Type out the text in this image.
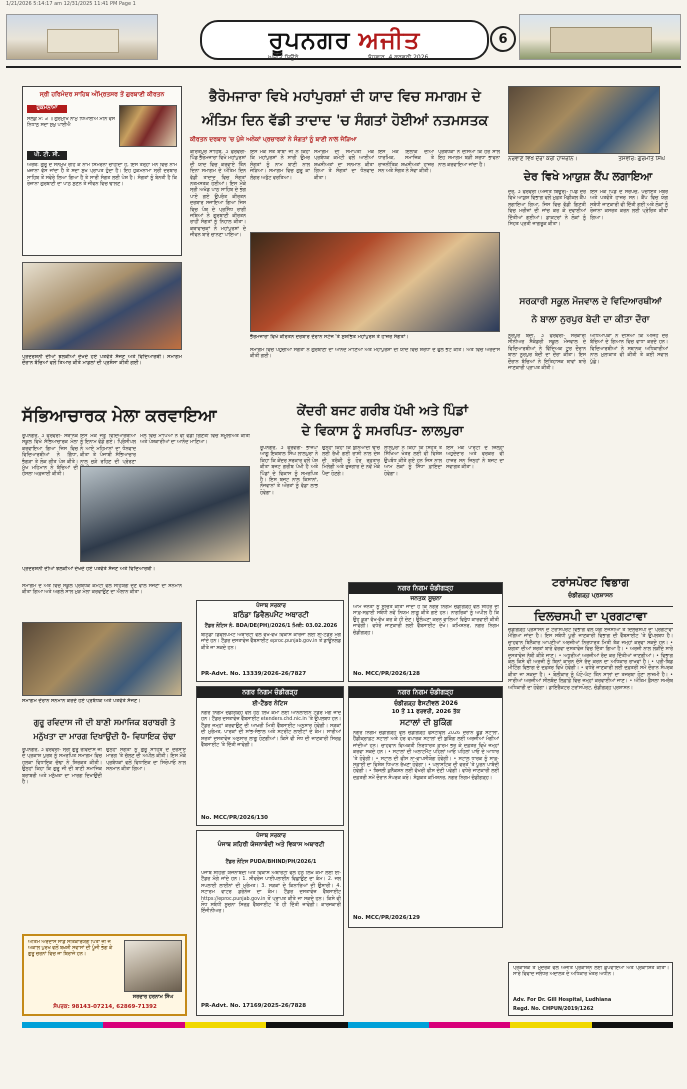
1/21/2026 5:14:17 am 12/31/2025 11:41 PM Page 1
ਰੂਪਨਗਰ ਅਜੀਤ	6
ਅਜੀਤ ਬਿਊਰੋ	ਬੁੱਧਵਾਰ, 4 ਫਰਵਰੀ 2026
ਸ੍ਰੀ ਹਰਿਮੰਦਰ ਸਾਹਿਬ ਅੰਮ੍ਰਿਤਸਰ ਤੋਂ ਗੁਰਬਾਣੀ ਕੀਰਤਨ
ਹੁਕਮਨਾਮਾ
ਸਲੋਕੁ ਮ: ੩ ॥ ਗੁਰਮੁਖਿ ਨਾਮੁ ਧਿਆਈਐ ਮਨਿ ਵਸੈ ਨਿਧਾਨੁ ਸਦਾ ਸੁਖੁ ਪਾਈਐ
ਪੀ. ਟੀ. ਸੀ.
ਅਰਥ: ਗੁਰੂ ਦੇ ਸਨਮੁਖ ਰਹਿ ਕੇ ਨਾਮ ਸਿਮਰਨਾ ਚਾਹੀਦਾ ਹੈ, ਇਸ ਤਰ੍ਹਾਂ ਮਨ ਵਿਚ ਨਾਮ ਖ਼ਜ਼ਾਨਾ ਵੱਸ ਜਾਂਦਾ ਹੈ ਤੇ ਸਦਾ ਸੁਖ ਪ੍ਰਾਪਤ ਹੁੰਦਾ ਹੈ। ਇਹ ਹੁਕਮਨਾਮਾ ਸ੍ਰੀ ਦਰਬਾਰ ਸਾਹਿਬ ਤੋਂ ਸਵੇਰੇ ਲਿਆ ਗਿਆ ਹੈ ਤੇ ਸਾਰੀ ਸੰਗਤ ਲਈ ਪੇਸ਼ ਹੈ। ਸੰਗਤਾਂ ਨੂੰ ਬੇਨਤੀ ਹੈ ਕਿ ਰੋਜ਼ਾਨਾ ਗੁਰਬਾਣੀ ਦਾ ਪਾਠ ਸੁਣਨ ਤੇ ਜੀਵਨ ਵਿਚ ਢਾਲਣ।
ਭੈਰੋਮਜਾਰਾ ਵਿਖੇ ਮਹਾਂਪੁਰਸ਼ਾਂ ਦੀ ਯਾਦ ਵਿਚ ਸਮਾਗਮ ਦੇ
ਅੰਤਿਮ ਦਿਨ ਵੱਡੀ ਤਾਦਾਦ 'ਚ ਸੰਗਤਾਂ ਹੋਈਆਂ ਨਤਮਸਤਕ
ਕੀਰਤਨ ਦਰਬਾਰ 'ਚ ਪੁੱਜੇ ਅਨੇਕਾਂ ਪ੍ਰਚਾਰਕਾਂ ਨੇ ਸੰਗਤਾਂ ਨੂੰ ਬਾਣੀ ਨਾਲ ਜੋੜਿਆ
ਨਰਵਾਣੇ ਵਿਖੇ ਦੌਰਾ ਕਰੀ ਹਾਜ਼ਰੀਨ।	ਤਸਵੀਰ: ਗੁਰਮੀਤ ਸਿੰਘ
ਦੇਰ ਵਿਖੇ ਆਯੁਸ਼ ਕੈਂਪ ਲਗਾਇਆ
ਦੇਰ, 3 ਫਰਵਰੀ (ਅਜੀਤ ਬਿਊਰੋ)- ਪਿੰਡ ਦੇਰ ਵਿਖੇ ਆਯੁਸ਼ ਵਿਭਾਗ ਵਲੋਂ ਮੁਫ਼ਤ ਮੈਡੀਕਲ ਕੈਂਪ ਲਗਾਇਆ ਗਿਆ, ਜਿਸ ਵਿਚ ਵੱਡੀ ਗਿਣਤੀ ਵਿਚ ਮਰੀਜ਼ਾਂ ਦੀ ਜਾਂਚ ਕਰ ਕੇ ਦਵਾਈਆਂ ਦਿੱਤੀਆਂ ਗਈਆਂ। ਡਾਕਟਰਾਂ ਨੇ ਲੋਕਾਂ ਨੂੰ ਸਿਹਤ ਪ੍ਰਤੀ ਜਾਗਰੂਕ ਕੀਤਾ।
ਇਸ ਮੌਕੇ ਪਿੰਡ ਦੇ ਸਰਪੰਚ, ਪੰਚਾਇਤ ਮੈਂਬਰ ਅਤੇ ਪਤਵੰਤੇ ਹਾਜ਼ਰ ਸਨ। ਕੈਂਪ ਵਿਚ ਯੋਗ ਸਬੰਧੀ ਜਾਣਕਾਰੀ ਵੀ ਦਿੱਤੀ ਗਈ ਅਤੇ ਲੋਕਾਂ ਨੂੰ ਰੋਜ਼ਾਨਾ ਕਸਰਤ ਕਰਨ ਲਈ ਪ੍ਰੇਰਿਤ ਕੀਤਾ ਗਿਆ।
ਪ੍ਰਦਰਸ਼ਨੀ ਦੀਆਂ ਝਲਕੀਆਂ ਦੇਖਦੇ ਹੋਏ ਪਤਵੰਤੇ ਸੱਜਣ ਅਤੇ ਵਿਦਿਆਰਥੀ। ਸਮਾਗਮ ਦੌਰਾਨ ਬੱਚਿਆਂ ਵਲੋਂ ਤਿਆਰ ਕੀਤੇ ਮਾਡਲਾਂ ਦੀ ਪ੍ਰਸ਼ੰਸਾ ਕੀਤੀ ਗਈ।
ਕੀਰਤਪੁਰ ਸਾਹਿਬ, 3 ਫਰਵਰੀ- ਪਿੰਡ ਭੈਰੋਮਜਾਰਾ ਵਿਖੇ ਮਹਾਂਪੁਰਸ਼ਾਂ ਦੀ ਯਾਦ ਵਿਚ ਕਰਵਾਏ ਤਿੰਨ ਦਿਨਾ ਸਮਾਗਮ ਦੇ ਅੰਤਿਮ ਦਿਨ ਵੱਡੀ ਤਾਦਾਦ ਵਿਚ ਸੰਗਤਾਂ ਨਤਮਸਤਕ ਹੋਈਆਂ। ਇਸ ਮੌਕੇ ਸ੍ਰੀ ਅਖੰਡ ਪਾਠ ਸਾਹਿਬ ਦੇ ਭੋਗ ਪਾਏ ਗਏ ਉਪਰੰਤ ਕੀਰਤਨ ਦਰਬਾਰ ਸਜਾਇਆ ਗਿਆ ਜਿਸ ਵਿਚ ਪੰਥ ਦੇ ਪ੍ਰਸਿੱਧ ਰਾਗੀ ਜਥਿਆਂ ਨੇ ਗੁਰਬਾਣੀ ਕੀਰਤਨ ਰਾਹੀਂ ਸੰਗਤਾਂ ਨੂੰ ਨਿਹਾਲ ਕੀਤਾ। ਕਥਾਵਾਚਕਾਂ ਨੇ ਮਹਾਂਪੁਰਸ਼ਾਂ ਦੇ ਜੀਵਨ ਬਾਰੇ ਚਾਨਣਾ ਪਾਇਆ।
ਇਸ ਮੌਕੇ ਸੰਤ ਬਾਬਾ ਜੀ ਨੇ ਕਿਹਾ ਕਿ ਮਹਾਂਪੁਰਸ਼ਾਂ ਨੇ ਸਾਰੀ ਉਮਰ ਸੰਗਤਾਂ ਨੂੰ ਨਾਮ ਬਾਣੀ ਨਾਲ ਜੋੜਿਆ। ਸਮਾਗਮ ਵਿਚ ਗੁਰੂ ਕਾ ਲੰਗਰ ਅਤੁੱਟ ਵਰਤਿਆ।
ਸਮਾਗਮ ਦੀ ਸਮਾਪਤੀ ਮੌਕੇ ਪ੍ਰਬੰਧਕ ਕਮੇਟੀ ਵਲੋਂ ਆਈਆਂ ਸ਼ਖ਼ਸੀਅਤਾਂ ਦਾ ਸਨਮਾਨ ਕੀਤਾ ਗਿਆ ਤੇ ਸੰਗਤਾਂ ਦਾ ਧੰਨਵਾਦ ਕੀਤਾ।
ਇਸ ਮੌਕੇ ਇਲਾਕੇ ਦੀਆਂ ਧਾਰਮਿਕ, ਸਮਾਜਿਕ ਤੇ ਰਾਜਨੀਤਿਕ ਸ਼ਖ਼ਸੀਅਤਾਂ ਹਾਜ਼ਰ ਸਨ ਅਤੇ ਸੰਗਤ ਨੇ ਸੇਵਾ ਕੀਤੀ।
ਪ੍ਰਬੰਧਕਾਂ ਨੇ ਦੱਸਿਆ ਕਿ ਹਰ ਸਾਲ ਇਹ ਸਮਾਗਮ ਬੜੀ ਸ਼ਰਧਾ ਭਾਵਨਾ ਨਾਲ ਕਰਵਾਇਆ ਜਾਂਦਾ ਹੈ।
ਭੈਰੋਮਜਾਰਾ ਵਿਖੇ ਕੀਰਤਨ ਦਰਬਾਰ ਦੌਰਾਨ ਸਟੇਜ 'ਤੇ ਸੁਸ਼ੋਭਿਤ ਮਹਾਂਪੁਰਸ਼ ਤੇ ਹਾਜ਼ਰ ਸੰਗਤਾਂ।
ਸਮਾਗਮ ਵਿਚ ਪਹੁੰਚੀਆਂ ਸੰਗਤਾਂ ਨੇ ਗੁਰਬਾਣੀ ਦਾ ਆਨੰਦ ਮਾਣਿਆ ਅਤੇ ਮਹਾਂਪੁਰਸ਼ਾਂ ਦੀ ਯਾਦ ਵਿਚ ਸ਼ਰਧਾ ਦੇ ਫੁੱਲ ਭੇਟ ਕੀਤੇ। ਅੰਤ ਵਿਚ ਅਰਦਾਸ ਕੀਤੀ ਗਈ।
ਸਰਕਾਰੀ ਸਕੂਲ ਮੌਜਵਾਲ ਦੇ ਵਿਦਿਆਰਥੀਆਂ
ਨੇ ਬਾਲਾ ਨੁਰਪੁਰ ਬੇਦੀ ਦਾ ਕੀਤਾ ਦੌਰਾ
ਨੂਰਪੁਰ ਬੇਦੀ, 3 ਫਰਵਰੀ- ਸਰਕਾਰੀ ਸੀਨੀਅਰ ਸੈਕੰਡਰੀ ਸਕੂਲ ਮੌਜਵਾਲ ਦੇ ਵਿਦਿਆਰਥੀਆਂ ਨੇ ਵਿੱਦਿਅਕ ਟੂਰ ਦੌਰਾਨ ਬਾਲਾ ਨੂਰਪੁਰ ਬੇਦੀ ਦਾ ਦੌਰਾ ਕੀਤਾ। ਇਸ ਦੌਰਾਨ ਬੱਚਿਆਂ ਨੇ ਇਤਿਹਾਸਕ ਥਾਵਾਂ ਬਾਰੇ ਜਾਣਕਾਰੀ ਪ੍ਰਾਪਤ ਕੀਤੀ।
ਅਧਿਆਪਕਾਂ ਨੇ ਦੱਸਿਆ ਕਿ ਅਜਿਹੇ ਦੌਰੇ ਬੱਚਿਆਂ ਦੇ ਗਿਆਨ ਵਿਚ ਵਾਧਾ ਕਰਦੇ ਹਨ। ਵਿਦਿਆਰਥੀਆਂ ਨੇ ਸਥਾਨਕ ਅਧਿਕਾਰੀਆਂ ਨਾਲ ਮੁਲਾਕਾਤ ਵੀ ਕੀਤੀ ਤੇ ਕਈ ਸਵਾਲ ਪੁੱਛੇ।
ਸੱਭਿਆਚਾਰਕ ਮੇਲਾ ਕਰਵਾਇਆ
ਰੂਪਨਗਰ, 3 ਫਰਵਰੀ- ਸਥਾਨਕ ਸਕੂਲ ਵਿਖੇ ਸੱਭਿਆਚਾਰਕ ਮੇਲਾ ਕਰਵਾਇਆ ਗਿਆ ਜਿਸ ਵਿਚ ਵਿਦਿਆਰਥੀਆਂ ਨੇ ਗਿੱਧਾ, ਭੰਗੜਾ ਤੇ ਲੋਕ ਗੀਤ ਪੇਸ਼ ਕੀਤੇ। ਮੁੱਖ ਮਹਿਮਾਨ ਨੇ ਬੱਚਿਆਂ ਦੀ ਹੌਸਲਾ ਅਫ਼ਜ਼ਾਈ ਕੀਤੀ।
ਇਸ ਮੌਕੇ ਜੇਤੂ ਵਿਦਿਆਰਥੀਆਂ ਨੂੰ ਇਨਾਮ ਵੰਡੇ ਗਏ। ਪ੍ਰਿੰਸੀਪਲ ਨੇ ਆਏ ਮਹਿਮਾਨਾਂ ਦਾ ਧੰਨਵਾਦ ਕੀਤਾ ਤੇ ਪੰਜਾਬੀ ਸੱਭਿਆਚਾਰ ਨਾਲ ਜੁੜੇ ਰਹਿਣ ਦੀ ਪ੍ਰੇਰਣਾ
ਮੇਲੇ ਵਿਚ ਮਾਪਿਆਂ ਨੇ ਵੀ ਵੱਡੀ ਗਿਣਤੀ ਵਿਚ ਸ਼ਮੂਲੀਅਤ ਕੀਤੀ ਅਤੇ ਪੇਸ਼ਕਾਰੀਆਂ ਦਾ ਆਨੰਦ ਮਾਣਿਆ।
ਪ੍ਰਦਰਸ਼ਨੀ ਦੀਆਂ ਝਲਕੀਆਂ ਦੇਖਦੇ ਹੋਏ ਪਤਵੰਤੇ ਸੱਜਣ ਅਤੇ ਵਿਦਿਆਰਥੀ।
ਸਮਾਗਮ ਦੇ ਅੰਤ ਵਿਚ ਸਕੂਲ ਪ੍ਰਬੰਧਕ ਕਮੇਟੀ ਵਲੋਂ ਸਹਿਯੋਗ ਦੇਣ ਵਾਲੇ ਸੱਜਣਾਂ ਦਾ ਸਨਮਾਨ ਕੀਤਾ ਗਿਆ ਅਤੇ ਅਗਲੇ ਸਾਲ ਮੁੜ ਮੇਲਾ ਕਰਵਾਉਣ ਦਾ ਐਲਾਨ ਕੀਤਾ।
ਸਮਾਗਮ ਦੌਰਾਨ ਸਨਮਾਨ ਕਰਦੇ ਹੋਏ ਪ੍ਰਬੰਧਕ ਅਤੇ ਪਤਵੰਤੇ ਸੱਜਣ।
ਕੇਂਦਰੀ ਬਜਟ ਗਰੀਬ ਪੱਖੀ ਅਤੇ ਪਿੰਡਾਂ
ਦੇ ਵਿਕਾਸ ਨੂੰ ਸਮਰਪਿਤ- ਲਾਲਪੁਰਾ
ਰੂਪਨਗਰ, 3 ਫਰਵਰੀ- ਭਾਜਪਾ ਆਗੂ ਇਕਬਾਲ ਸਿੰਘ ਲਾਲਪੁਰਾ ਨੇ ਕਿਹਾ ਕਿ ਕੇਂਦਰ ਸਰਕਾਰ ਵਲੋਂ ਪੇਸ਼ ਕੀਤਾ ਬਜਟ ਗਰੀਬ ਪੱਖੀ ਹੈ ਅਤੇ ਪਿੰਡਾਂ ਦੇ ਵਿਕਾਸ ਨੂੰ ਸਮਰਪਿਤ ਹੈ। ਇਸ ਬਜਟ ਨਾਲ ਕਿਸਾਨਾਂ, ਨੌਜਵਾਨਾਂ ਤੇ ਔਰਤਾਂ ਨੂੰ ਵੱਡਾ ਲਾਭ ਹੋਵੇਗਾ।
ਉਨ੍ਹਾਂ ਕਿਹਾ ਕਿ ਬੁਨਿਆਦੀ ਢਾਂਚੇ ਲਈ ਰੱਖੀ ਗਈ ਰਾਸ਼ੀ ਨਾਲ ਦੇਸ਼ ਦੀ ਤਰੱਕੀ ਨੂੰ ਹੋਰ ਰਫ਼ਤਾਰ ਮਿਲੇਗੀ ਅਤੇ ਰੁਜ਼ਗਾਰ ਦੇ ਨਵੇਂ ਮੌਕੇ ਪੈਦਾ ਹੋਣਗੇ।
ਲਾਲਪੁਰਾ ਨੇ ਕਿਹਾ ਕਿ ਸਿਹਤ ਤੇ ਸਿੱਖਿਆ ਖੇਤਰ ਲਈ ਵੀ ਵਿਸ਼ੇਸ਼ ਉਪਬੰਧ ਕੀਤੇ ਗਏ ਹਨ ਜਿਸ ਨਾਲ ਆਮ ਲੋਕਾਂ ਨੂੰ ਸਿੱਧਾ ਫ਼ਾਇਦਾ ਹੋਵੇਗਾ।
ਇਸ ਮੌਕੇ ਪਾਰਟੀ ਦੇ ਜ਼ਿਲ੍ਹਾ ਅਹੁਦੇਦਾਰ ਅਤੇ ਵਰਕਰ ਵੀ ਹਾਜ਼ਰ ਸਨ ਜਿਨ੍ਹਾਂ ਨੇ ਬਜਟ ਦਾ ਸਵਾਗਤ ਕੀਤਾ।
ਟਰਾਂਸਪੋਰਟ ਵਿਭਾਗ
ਚੰਡੀਗੜ੍ਹ ਪ੍ਰਸ਼ਾਸਨ
ਦਿਲਚਸਪੀ ਦਾ ਪ੍ਰਗਟਾਵਾ
ਚੰਡੀਗੜ੍ਹ ਪ੍ਰਸ਼ਾਸਨ ਦੇ ਟਰਾਂਸਪੋਰਟ ਵਿਭਾਗ ਵਲੋਂ ਯੋਗ ਏਜੰਸੀਆਂ ਤੋਂ ਦਿਲਚਸਪੀ ਦਾ ਪ੍ਰਗਟਾਵਾ ਮੰਗਿਆ ਜਾਂਦਾ ਹੈ। ਇਸ ਸਬੰਧੀ ਪੂਰੀ ਜਾਣਕਾਰੀ ਵਿਭਾਗ ਦੀ ਵੈੱਬਸਾਈਟ 'ਤੇ ਉਪਲਬਧ ਹੈ। ਚਾਹਵਾਨ ਬਿਨੈਕਾਰ ਆਪਣੀਆਂ ਅਰਜ਼ੀਆਂ ਨਿਰਧਾਰਤ ਮਿਤੀ ਤੱਕ ਜਮ੍ਹਾਂ ਕਰਵਾ ਸਕਦੇ ਹਨ। • ਯੋਗਤਾ ਦੀਆਂ ਸ਼ਰਤਾਂ ਬਾਰੇ ਵੇਰਵਾ ਦਸਤਾਵੇਜ਼ ਵਿਚ ਦਿੱਤਾ ਗਿਆ ਹੈ। • ਅਰਜ਼ੀ ਨਾਲ ਲੋੜੀਂਦੇ ਸਾਰੇ ਦਸਤਾਵੇਜ਼ ਨੱਥੀ ਕੀਤੇ ਜਾਣ। • ਅਧੂਰੀਆਂ ਅਰਜ਼ੀਆਂ ਰੱਦ ਕਰ ਦਿੱਤੀਆਂ ਜਾਣਗੀਆਂ। • ਵਿਭਾਗ ਕੋਲ ਕਿਸੇ ਵੀ ਅਰਜ਼ੀ ਨੂੰ ਬਿਨਾਂ ਕਾਰਨ ਦੱਸੇ ਰੱਦ ਕਰਨ ਦਾ ਅਧਿਕਾਰ ਰਾਖਵਾਂ ਹੈ। • ਪ੍ਰੀ-ਬਿਡ ਮੀਟਿੰਗ ਵਿਭਾਗ ਦੇ ਦਫ਼ਤਰ ਵਿਖੇ ਹੋਵੇਗੀ। • ਵਧੇਰੇ ਜਾਣਕਾਰੀ ਲਈ ਦਫ਼ਤਰੀ ਸਮੇਂ ਦੌਰਾਨ ਸੰਪਰਕ ਕੀਤਾ ਜਾ ਸਕਦਾ ਹੈ। • ਬੋਲੀਕਾਰ ਨੂੰ ਘੱਟੋ-ਘੱਟ ਤਿੰਨ ਸਾਲਾਂ ਦਾ ਤਜਰਬਾ ਹੋਣਾ ਲਾਜ਼ਮੀ ਹੈ। • ਸਾਰੀਆਂ ਅਰਜ਼ੀਆਂ ਸੀਲਬੰਦ ਲਿਫ਼ਾਫ਼ੇ ਵਿਚ ਜਮ੍ਹਾਂ ਕਰਵਾਈਆਂ ਜਾਣ। • ਅੰਤਿਮ ਫ਼ੈਸਲਾ ਸਮਰੱਥ ਅਧਿਕਾਰੀ ਦਾ ਹੋਵੇਗਾ। ਡਾਇਰੈਕਟਰ ਟਰਾਂਸਪੋਰਟ, ਚੰਡੀਗੜ੍ਹ ਪ੍ਰਸ਼ਾਸਨ।
ਗੁਰੂ ਰਵਿਦਾਸ ਜੀ ਦੀ ਬਾਣੀ ਸਮਾਜਿਕ ਬਰਾਬਰੀ ਤੇ
ਮਨੁੱਖਤਾ ਦਾ ਮਾਰਗ ਦਿਖਾਉਂਦੀ ਹੈ- ਵਿਧਾਇਕ ਚੱਢਾ
ਰੂਪਨਗਰ, 3 ਫਰਵਰੀ- ਸ੍ਰੀ ਗੁਰੂ ਰਵਿਦਾਸ ਜੀ ਦੇ ਪ੍ਰਕਾਸ਼ ਪੁਰਬ ਨੂੰ ਸਮਰਪਿਤ ਸਮਾਗਮ ਵਿਚ ਹਲਕਾ ਵਿਧਾਇਕ ਚੱਢਾ ਨੇ ਸ਼ਿਰਕਤ ਕੀਤੀ। ਉਨ੍ਹਾਂ ਕਿਹਾ ਕਿ ਗੁਰੂ ਜੀ ਦੀ ਬਾਣੀ ਸਮਾਜਿਕ ਬਰਾਬਰੀ ਅਤੇ ਮਨੁੱਖਤਾ ਦਾ ਮਾਰਗ ਦਿਖਾਉਂਦੀ ਹੈ।
ਉਨ੍ਹਾਂ ਸੰਗਤਾਂ ਨੂੰ ਗੁਰੂ ਸਾਹਿਬ ਦੇ ਦਰਸਾਏ ਮਾਰਗ 'ਤੇ ਚੱਲਣ ਦੀ ਅਪੀਲ ਕੀਤੀ। ਇਸ ਮੌਕੇ ਪ੍ਰਬੰਧਕਾਂ ਵਲੋਂ ਵਿਧਾਇਕ ਦਾ ਸਿਰੋਪਾਓ ਨਾਲ ਸਨਮਾਨ ਕੀਤਾ ਗਿਆ।
ਅੰਤਿਮ ਅਰਦਾਸ ਸਾਡੇ ਸਤਿਕਾਰਯੋਗ ਪਿਤਾ ਜੀ ਜੋ ਅਕਾਲ ਪੁਰਖ ਵਲੋਂ ਬਖ਼ਸ਼ੀ ਸਵਾਸਾਂ ਦੀ ਪੂੰਜੀ ਭੋਗ ਕੇ ਗੁਰੂ ਚਰਨਾਂ ਵਿਚ ਜਾ ਬਿਰਾਜੇ ਹਨ।
ਸਰਦਾਰ ਹਰਨਾਮ ਸਿੰਘ
ਸੰਪਰਕ: 98143-07214, 62869-71392
ਪੰਜਾਬ ਸਰਕਾਰ
ਬਠਿੰਡਾ ਡਿਵੈਲਪਮੈਂਟ ਅਥਾਰਟੀ
ਟੈਂਡਰ ਨੋਟਿਸ ਨੰ. BDA/DE(PH)/2026/1 ਮਿਤੀ: 03.02.2026
ਬਠਿੰਡਾ ਡਿਵੈਲਪਮੈਂਟ ਅਥਾਰਟੀ ਵਲੋਂ ਵੱਖ-ਵੱਖ ਵਿਕਾਸ ਕਾਰਜਾਂ ਲਈ ਈ-ਟੈਂਡਰ ਮੰਗੇ ਜਾਂਦੇ ਹਨ। ਟੈਂਡਰ ਦਸਤਾਵੇਜ਼ ਵੈੱਬਸਾਈਟ eproc.punjab.gov.in ਤੋਂ ਡਾਊਨਲੋਡ ਕੀਤੇ ਜਾ ਸਕਦੇ ਹਨ।
PR-Advt. No. 13339/2026-26/7827
ਨਗਰ ਨਿਗਮ ਚੰਡੀਗੜ੍ਹ
ਜਨਤਕ ਸੂਚਨਾ
ਆਮ ਜਨਤਾ ਨੂੰ ਸੂਚਿਤ ਕੀਤਾ ਜਾਂਦਾ ਹੈ ਕਿ ਨਗਰ ਨਿਗਮ ਚੰਡੀਗੜ੍ਹ ਵਲੋਂ ਸ਼ਹਿਰ ਦੀ ਸਾਫ਼-ਸਫ਼ਾਈ ਸਬੰਧੀ ਨਵੇਂ ਨਿਯਮ ਲਾਗੂ ਕੀਤੇ ਗਏ ਹਨ। ਨਾਗਰਿਕਾਂ ਨੂੰ ਅਪੀਲ ਹੈ ਕਿ ਉਹ ਕੂੜਾ ਵੱਖ-ਵੱਖ ਕਰ ਕੇ ਹੀ ਦੇਣ। ਉਲੰਘਣਾ ਕਰਨ ਵਾਲਿਆਂ ਵਿਰੁੱਧ ਕਾਰਵਾਈ ਕੀਤੀ ਜਾਵੇਗੀ। ਵਧੇਰੇ ਜਾਣਕਾਰੀ ਲਈ ਵੈੱਬਸਾਈਟ ਦੇਖੋ। ਕਮਿਸ਼ਨਰ, ਨਗਰ ਨਿਗਮ ਚੰਡੀਗੜ੍ਹ।
No. MCC/PR/2026/128
ਨਗਰ ਨਿਗਮ ਚੰਡੀਗੜ੍ਹ
ਈ-ਟੈਂਡਰ ਨੋਟਿਸ
ਨਗਰ ਨਿਗਮ ਚੰਡੀਗੜ੍ਹ ਵਲੋਂ ਹੇਠ ਲਿਖੇ ਕੰਮਾਂ ਲਈ ਆਨਲਾਈਨ ਟੈਂਡਰ ਮੰਗੇ ਜਾਂਦੇ ਹਨ। ਟੈਂਡਰ ਦਸਤਾਵੇਜ਼ ਵੈੱਬਸਾਈਟ etenders.chd.nic.in 'ਤੇ ਉਪਲਬਧ ਹਨ। ਟੈਂਡਰ ਜਮ੍ਹਾਂ ਕਰਵਾਉਣ ਦੀ ਆਖ਼ਰੀ ਮਿਤੀ ਵੈੱਬਸਾਈਟ ਅਨੁਸਾਰ ਹੋਵੇਗੀ। ਸੜਕਾਂ ਦੀ ਮੁਰੰਮਤ, ਪਾਰਕਾਂ ਦੀ ਸਾਂਭ-ਸੰਭਾਲ ਅਤੇ ਸਟਰੀਟ ਲਾਈਟਾਂ ਦੇ ਕੰਮ। ਸਾਰੀਆਂ ਸ਼ਰਤਾਂ ਦਸਤਾਵੇਜ਼ ਅਨੁਸਾਰ ਲਾਗੂ ਹੋਣਗੀਆਂ। ਕਿਸੇ ਵੀ ਸੋਧ ਦੀ ਜਾਣਕਾਰੀ ਸਿਰਫ਼ ਵੈੱਬਸਾਈਟ 'ਤੇ ਦਿੱਤੀ ਜਾਵੇਗੀ।
No. MCC/PR/2026/130
ਨਗਰ ਨਿਗਮ ਚੰਡੀਗੜ੍ਹ
ਚੰਡੀਗੜ੍ਹ ਫੈਸਟੀਵਲ 2026
10 ਤੋਂ 11 ਫਰਵਰੀ, 2026 ਤੱਕ
ਸਟਾਲਾਂ ਦੀ ਬੁਕਿੰਗ
ਨਗਰ ਨਿਗਮ ਚੰਡੀਗੜ੍ਹ ਵਲੋਂ ਚੰਡੀਗੜ੍ਹ ਫੈਸਟੀਵਲ 2026 ਦੌਰਾਨ ਫੂਡ ਸਟਾਲਾਂ, ਹੈਂਡੀਕ੍ਰਾਫ਼ਟ ਸਟਾਲਾਂ ਅਤੇ ਹੋਰ ਵਪਾਰਕ ਸਟਾਲਾਂ ਦੀ ਬੁਕਿੰਗ ਲਈ ਅਰਜ਼ੀਆਂ ਮੰਗੀਆਂ ਜਾਂਦੀਆਂ ਹਨ। ਚਾਹਵਾਨ ਵਿਅਕਤੀ ਨਿਰਧਾਰਤ ਫ਼ਾਰਮ ਭਰ ਕੇ ਦਫ਼ਤਰ ਵਿਖੇ ਜਮ੍ਹਾਂ ਕਰਵਾ ਸਕਦੇ ਹਨ। • ਸਟਾਲਾਂ ਦੀ ਅਲਾਟਮੈਂਟ ਪਹਿਲਾਂ ਆਓ ਪਹਿਲਾਂ ਪਾਓ ਦੇ ਆਧਾਰ 'ਤੇ ਹੋਵੇਗੀ। • ਸਟਾਲ ਦੀ ਫੀਸ ਨਾ-ਵਾਪਸੀਯੋਗ ਹੋਵੇਗੀ। • ਸਟਾਲ ਧਾਰਕ ਨੂੰ ਸਾਫ਼-ਸਫ਼ਾਈ ਦਾ ਵਿਸ਼ੇਸ਼ ਧਿਆਨ ਰੱਖਣਾ ਹੋਵੇਗਾ। • ਪਲਾਸਟਿਕ ਦੀ ਵਰਤੋਂ 'ਤੇ ਪੂਰਨ ਪਾਬੰਦੀ ਹੋਵੇਗੀ। • ਬਿਜਲੀ ਕੁਨੈਕਸ਼ਨ ਲਈ ਵੱਖਰੀ ਫੀਸ ਦੇਣੀ ਪਵੇਗੀ। ਵਧੇਰੇ ਜਾਣਕਾਰੀ ਲਈ ਦਫ਼ਤਰੀ ਸਮੇਂ ਦੌਰਾਨ ਸੰਪਰਕ ਕਰੋ। ਸੰਯੁਕਤ ਕਮਿਸ਼ਨਰ, ਨਗਰ ਨਿਗਮ ਚੰਡੀਗੜ੍ਹ।
No. MCC/PR/2026/129
ਪੰਜਾਬ ਸਰਕਾਰ
ਪੰਜਾਬ ਸ਼ਹਿਰੀ ਯੋਜਨਾਬੰਦੀ ਅਤੇ ਵਿਕਾਸ ਅਥਾਰਟੀ
ਟੈਂਡਰ ਨੋਟਿਸ PUDA/BHIND/PH/2026/1
ਪੰਜਾਬ ਸ਼ਹਿਰੀ ਯੋਜਨਾਬੰਦੀ ਅਤੇ ਵਿਕਾਸ ਅਥਾਰਟੀ ਵਲੋਂ ਹੇਠ ਲਿਖੇ ਕੰਮਾਂ ਲਈ ਈ-ਟੈਂਡਰ ਮੰਗੇ ਜਾਂਦੇ ਹਨ। 1. ਸੀਵਰੇਜ ਪਾਈਪਲਾਈਨ ਵਿਛਾਉਣ ਦਾ ਕੰਮ। 2. ਜਲ ਸਪਲਾਈ ਲਾਈਨਾਂ ਦੀ ਮੁਰੰਮਤ। 3. ਸੜਕਾਂ ਦੇ ਕਿਨਾਰਿਆਂ ਦੀ ਉਸਾਰੀ। 4. ਸਟਾਰਮ ਵਾਟਰ ਡਰੇਨੇਜ ਦਾ ਕੰਮ। ਟੈਂਡਰ ਦਸਤਾਵੇਜ਼ ਵੈੱਬਸਾਈਟ https://eproc.punjab.gov.in ਤੋਂ ਪ੍ਰਾਪਤ ਕੀਤੇ ਜਾ ਸਕਦੇ ਹਨ। ਕਿਸੇ ਵੀ ਸੋਧ ਸਬੰਧੀ ਸੂਚਨਾ ਸਿਰਫ਼ ਵੈੱਬਸਾਈਟ 'ਤੇ ਹੀ ਦਿੱਤੀ ਜਾਵੇਗੀ। ਕਾਰਜਕਾਰੀ ਇੰਜੀਨੀਅਰ।
PR-Advt. No. 17169/2025-26/7828
ਪ੍ਰਕਾਸ਼ਕ ਤੇ ਮੁਦਰਕ ਵਲੋਂ ਅਜੀਤ ਪ੍ਰਕਾਸ਼ਨ ਲਈ ਛਪਵਾਇਆ ਅਤੇ ਪ੍ਰਕਾਸ਼ਿਤ ਕੀਤਾ। ਸਾਰੇ ਵਿਵਾਦ ਜਲੰਧਰ ਅਦਾਲਤ ਦੇ ਅਧਿਕਾਰ ਖੇਤਰ ਅਧੀਨ।
Adv. For Dr. Gill Hospital, Ludhiana
Regd. No. CHPUN/2019/1262
